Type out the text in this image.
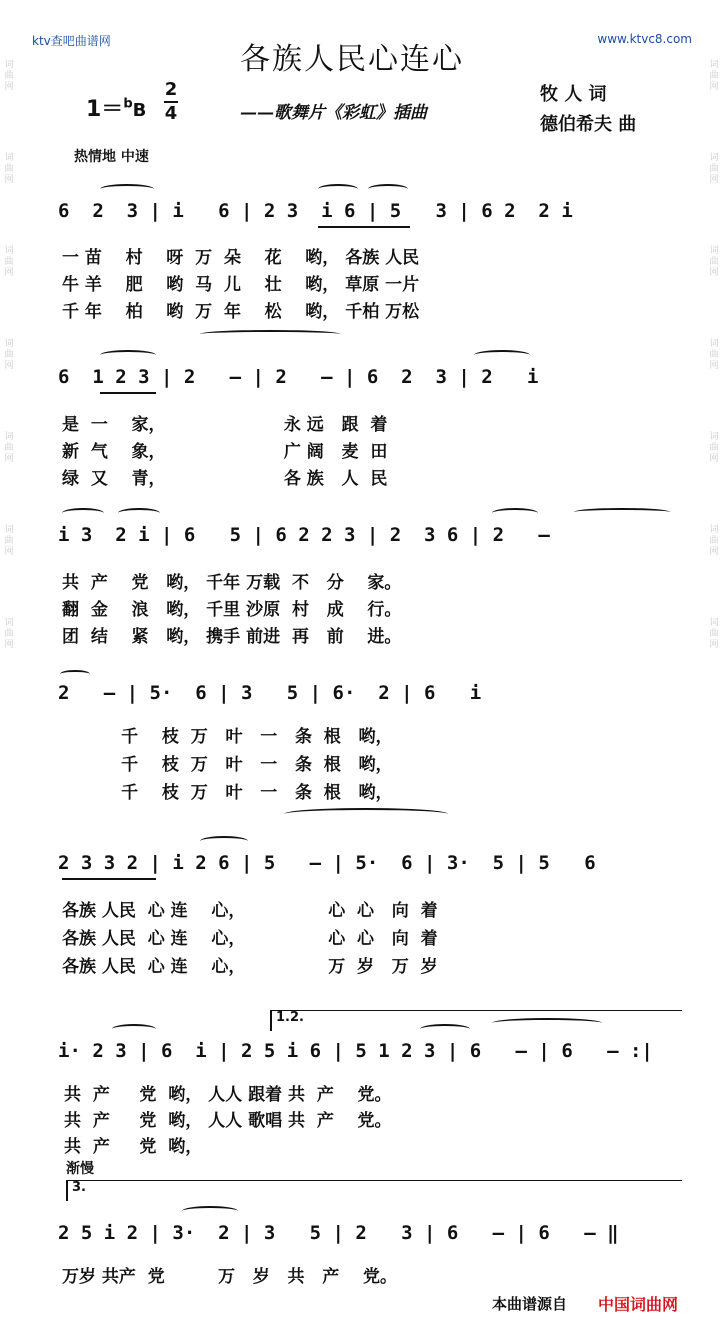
ktv查吧曲谱网	www.ktvc8.com
词曲网
词曲网
词曲网
词曲网
词曲网
词曲网
词曲网
词曲网
词曲网
词曲网
词曲网
词曲网
词曲网
词曲网
各族人民心连心
牧 人 词
德伯希夫 曲
——歌舞片《彩虹》插曲
1＝$^b$B
2
4
热情地 中速
6  2  3 | i   6 | 2 3  i 6 | 5   3 | 6 2  2 i
一 苗    村    呀  万  朵    花    哟， 各族 人民
牛 羊    肥    哟  马  儿    壮    哟， 草原 一片
千 年    柏    哟  万  年    松    哟， 千柏 万松
6  1 2 3 | 2   — | 2   — | 6  2  3 | 2   i
是  一    家，                    永 远   跟  着
新  气    象，                    广 阔   麦  田
绿  又    青，                    各 族   人  民
i 3  2 i | 6   5 | 6 2 2 3 | 2  3 6 | 2   —
共  产    党   哟， 千年 万载  不   分    家。
翻  金    浪   哟， 千里 沙原  村   成    行。
团  结    紧   哟， 携手 前进  再   前    进。
2   — | 5·  6 | 3   5 | 6·  2 | 6   i
千    枝  万   叶   一   条  根   哟，
千    枝  万   叶   一   条  根   哟，
千    枝  万   叶   一   条  根   哟，
2 3 3 2 | i 2 6 | 5   — | 5·  6 | 3·  5 | 5   6
各族 人民  心 连    心，              心  心   向  着
各族 人民  心 连    心，              心  心   向  着
各族 人民  心 连    心，              万  岁   万  岁
1.2.
i· 2 3 | 6  i | 2 5 i 6 | 5 1 2 3 | 6   — | 6   — :|
共  产     党  哟， 人人 跟着 共  产    党。
共  产     党  哟， 人人 歌唱 共  产    党。
共  产     党  哟，
渐慢
3.
2 5 i 2 | 3·  2 | 3   5 | 2   3 | 6   — | 6   — ‖
万岁 共产  党         万   岁   共   产    党。
本曲谱源自 中国词曲网
